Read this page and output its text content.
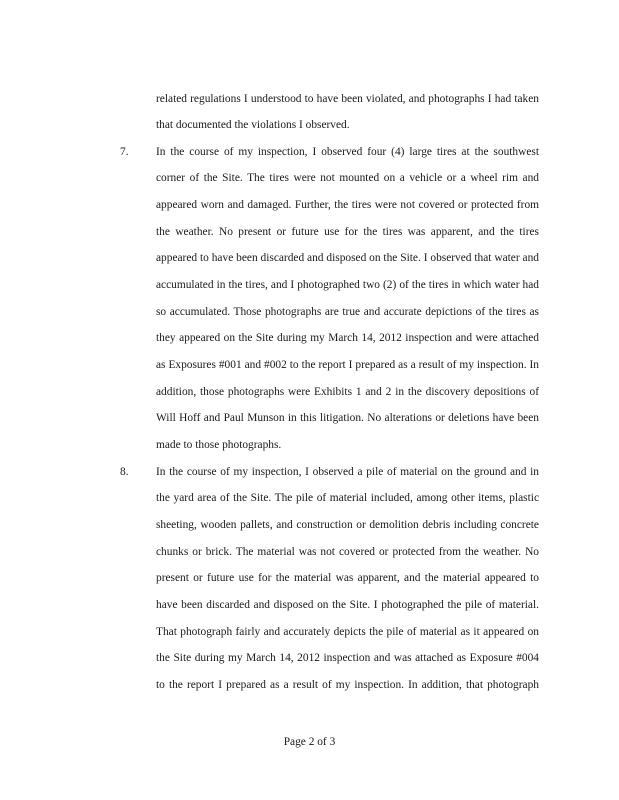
related regulations I understood to have been violated, and photographs I had taken
that documented the violations I observed.
7.	In the course of my inspection, I observed four (4) large tires at the southwest
corner of the Site. The tires were not mounted on a vehicle or a wheel rim and
appeared worn and damaged. Further, the tires were not covered or protected from
the weather. No present or future use for the tires was apparent, and the tires
appeared to have been discarded and disposed on the Site. I observed that water and
accumulated in the tires, and I photographed two (2) of the tires in which water had
so accumulated. Those photographs are true and accurate depictions of the tires as
they appeared on the Site during my March 14, 2012 inspection and were attached
as Exposures #001 and #002 to the report I prepared as a result of my inspection. In
addition, those photographs were Exhibits 1 and 2 in the discovery depositions of
Will Hoff and Paul Munson in this litigation. No alterations or deletions have been
made to those photographs.
8.	In the course of my inspection, I observed a pile of material on the ground and in
the yard area of the Site. The pile of material included, among other items, plastic
sheeting, wooden pallets, and construction or demolition debris including concrete
chunks or brick. The material was not covered or protected from the weather. No
present or future use for the material was apparent, and the material appeared to
have been discarded and disposed on the Site. I photographed the pile of material.
That photograph fairly and accurately depicts the pile of material as it appeared on
the Site during my March 14, 2012 inspection and was attached as Exposure #004
to the report I prepared as a result of my inspection. In addition, that photograph
Page 2 of 3
